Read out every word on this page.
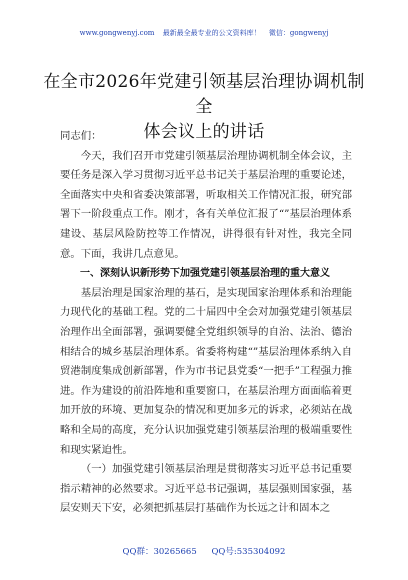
www.gongwenyj.com 最新最全最专业的公文资料库！ 微信：gongwenyj
在全市2026年党建引领基层治理协调机制全
体会议上的讲话

同志们：

今天，我们召开市党建引领基层治理协调机制全体会议，主要任务是深入学习贯彻习近平总书记关于基层治理的重要论述，全面落实中央和省委决策部署，听取相关工作情况汇报，研究部署下一阶段重点工作。刚才，各有关单位汇报了“”基层治理体系建设、基层风险防控等工作情况，讲得很有针对性，我完全同意。下面，我讲几点意见。

一、深刻认识新形势下加强党建引领基层治理的重大意义

基层治理是国家治理的基石，是实现国家治理体系和治理能力现代化的基础工程。党的二十届四中全会对加强党建引领基层治理作出全面部署，强调要健全党组织领导的自治、法治、德治相结合的城乡基层治理体系。省委将构建“”基层治理体系纳入自贸港制度集成创新部署，作为市书记县党委“一把手”工程强力推进。作为建设的前沿阵地和重要窗口，在基层治理方面面临着更加开放的环境、更加复杂的情况和更加多元的诉求，必须站在战略和全局的高度，充分认识加强党建引领基层治理的极端重要性和现实紧迫性。

（一）加强党建引领基层治理是贯彻落实习近平总书记重要指示精神的必然要求。习近平总书记强调，基层强则国家强，基层安则天下安，必须把抓基层打基础作为长远之计和固本之

QQ群：30265665 QQ号:535304092
